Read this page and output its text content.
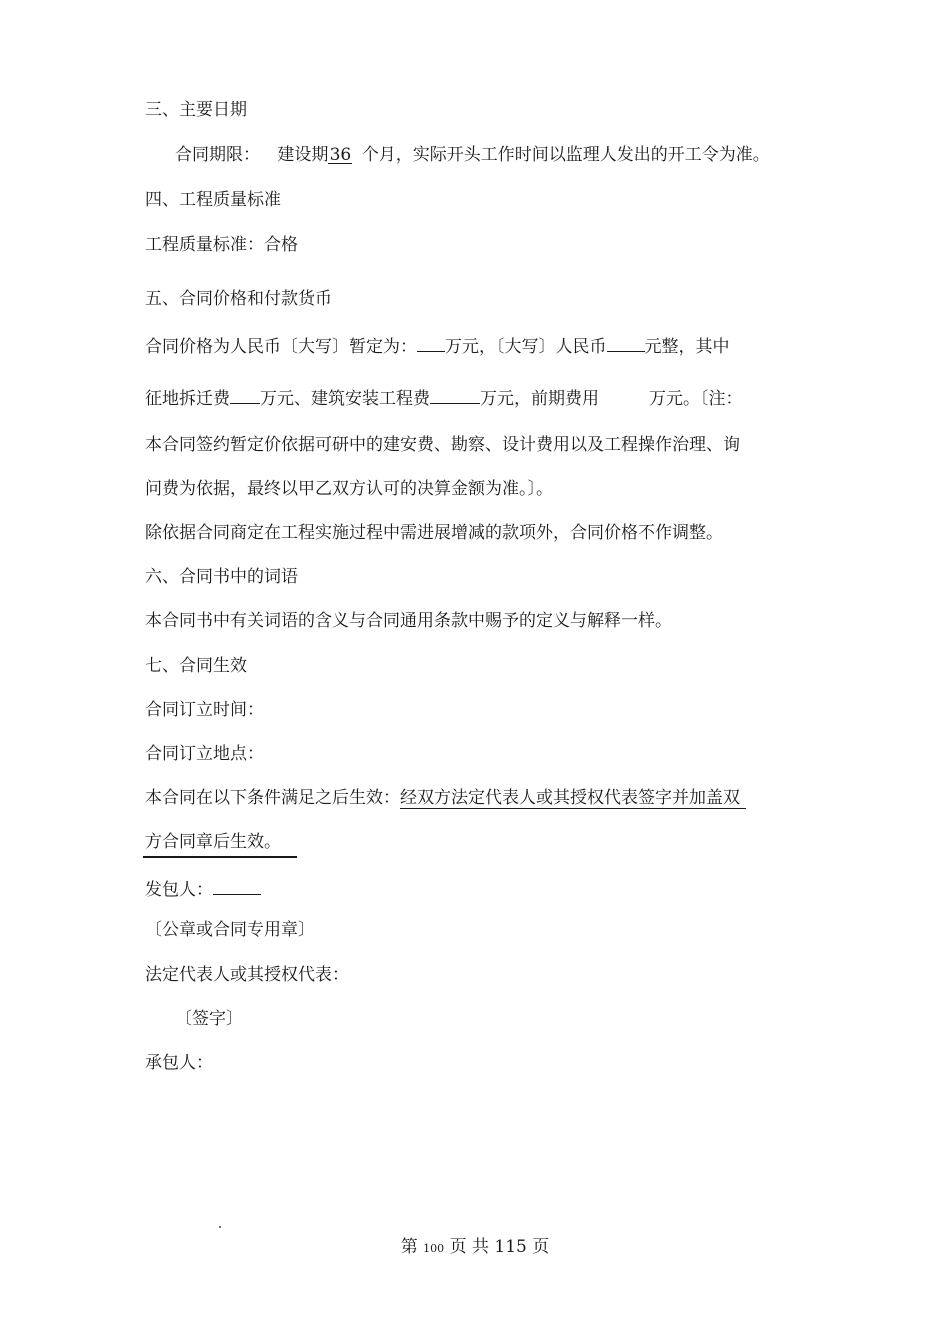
三、主要日期
合同期限： 建设期36 个月，实际开头工作时间以监理人发出的开工令为准。
四、工程质量标准
工程质量标准：合格
五、合同价格和付款货币
合同价格为人民币〔大写〕暂定为： 万元，〔大写〕人民币 元整，其中
征地拆迁费 万元、建筑安装工程费	万元，前期费用	万元。〔注：
本合同签约暂定价依据可研中的建安费、勘察、设计费用以及工程操作治理、询
问费为依据，最终以甲乙双方认可的决算金额为准。〕。
除依据合同商定在工程实施过程中需进展增减的款项外，合同价格不作调整。
六、合同书中的词语
本合同书中有关词语的含义与合同通用条款中赐予的定义与解释一样。
七、合同生效
合同订立时间：
合同订立地点：
本合同在以下条件满足之后生效：经双方法定代表人或其授权代表签字并加盖双
方合同章后生效。
发包人：
〔公章或合同专用章〕
法定代表人或其授权代表：
〔签字〕
承包人：
第 100 页 共 115 页
